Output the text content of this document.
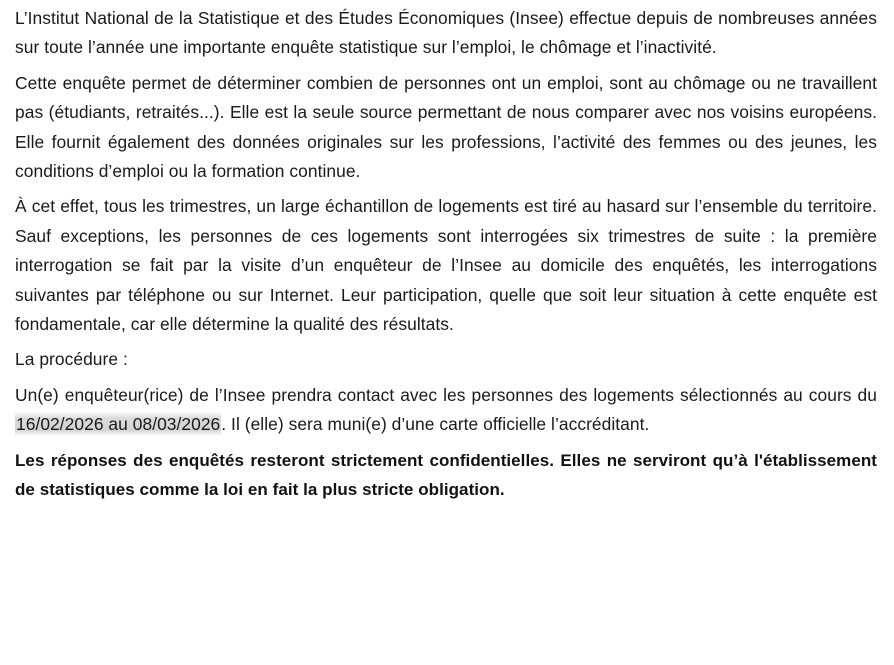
L’Institut National de la Statistique et des Études Économiques (Insee) effectue depuis de nombreuses années sur toute l’année une importante enquête statistique sur l’emploi, le chômage et l’inactivité.

Cette enquête permet de déterminer combien de personnes ont un emploi, sont au chômage ou ne travaillent pas (étudiants, retraités...). Elle est la seule source permettant de nous comparer avec nos voisins européens. Elle fournit également des données originales sur les professions, l’activité des femmes ou des jeunes, les conditions d’emploi ou la formation continue.

À cet effet, tous les trimestres, un large échantillon de logements est tiré au hasard sur l’ensemble du territoire. Sauf exceptions, les personnes de ces logements sont interrogées six trimestres de suite : la première interrogation se fait par la visite d’un enquêteur de l’Insee au domicile des enquêtés, les interrogations suivantes par téléphone ou sur Internet. Leur participation, quelle que soit leur situation à cette enquête est fondamentale, car elle détermine la qualité des résultats.

La procédure :

Un(e) enquêteur(rice) de l’Insee prendra contact avec les personnes des logements sélectionnés au cours du 16/02/2026 au 08/03/2026. Il (elle) sera muni(e) d’une carte officielle l’accréditant.

Les réponses des enquêtés resteront strictement confidentielles. Elles ne serviront qu’à l'établissement de statistiques comme la loi en fait la plus stricte obligation.
